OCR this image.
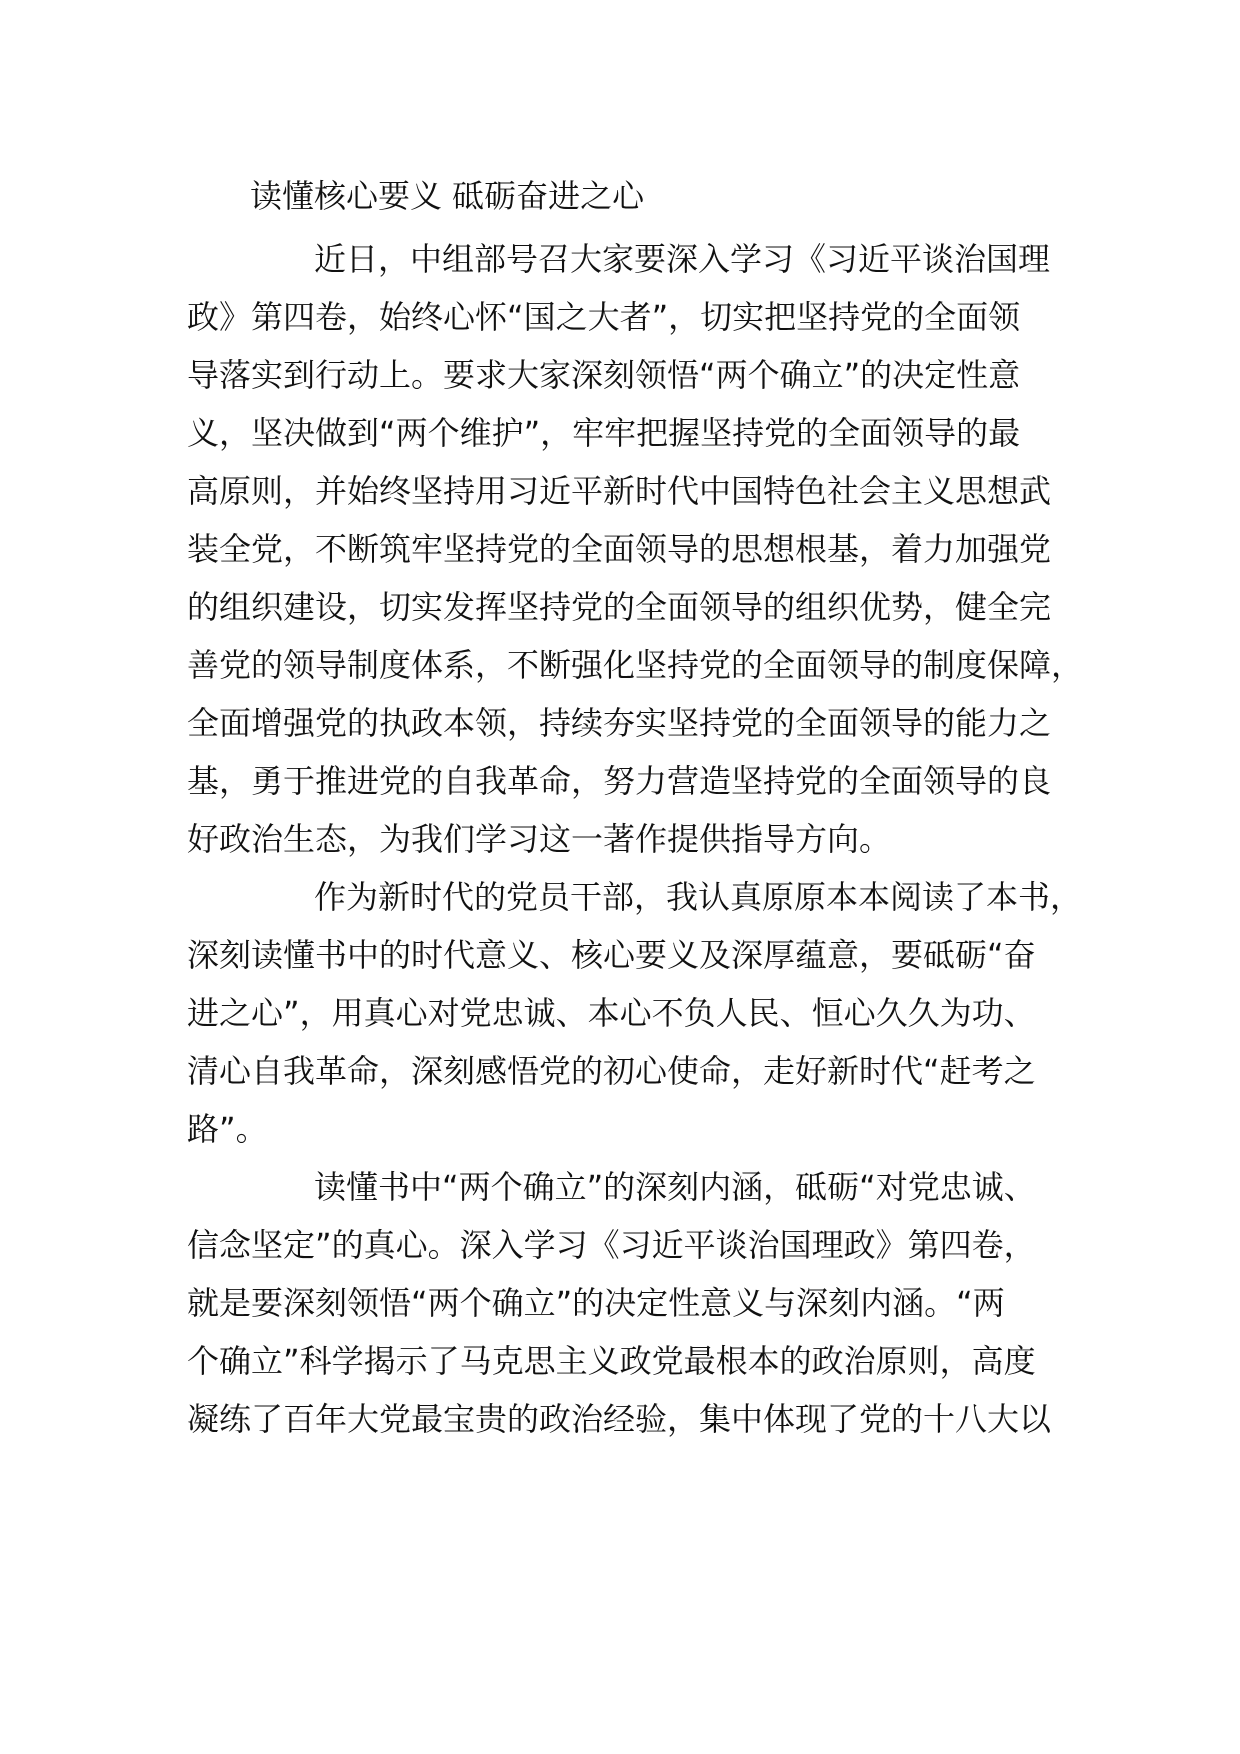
读懂核心要义 砥砺奋进之心
近日，中组部号召大家要深入学习《习近平谈治国理
政》第四卷，始终心怀“国之大者”，切实把坚持党的全面领
导落实到行动上。要求大家深刻领悟“两个确立”的决定性意
义，坚决做到“两个维护”，牢牢把握坚持党的全面领导的最
高原则，并始终坚持用习近平新时代中国特色社会主义思想武
装全党，不断筑牢坚持党的全面领导的思想根基，着力加强党
的组织建设，切实发挥坚持党的全面领导的组织优势，健全完
善党的领导制度体系，不断强化坚持党的全面领导的制度保障，
全面增强党的执政本领，持续夯实坚持党的全面领导的能力之
基，勇于推进党的自我革命，努力营造坚持党的全面领导的良
好政治生态，为我们学习这一著作提供指导方向。
作为新时代的党员干部，我认真原原本本阅读了本书，
深刻读懂书中的时代意义、核心要义及深厚蕴意，要砥砺“奋
进之心”，用真心对党忠诚、本心不负人民、恒心久久为功、
清心自我革命，深刻感悟党的初心使命，走好新时代“赶考之
路”。
读懂书中“两个确立”的深刻内涵，砥砺“对党忠诚、
信念坚定”的真心。深入学习《习近平谈治国理政》第四卷，
就是要深刻领悟“两个确立”的决定性意义与深刻内涵。“两
个确立”科学揭示了马克思主义政党最根本的政治原则，高度
凝练了百年大党最宝贵的政治经验，集中体现了党的十八大以
